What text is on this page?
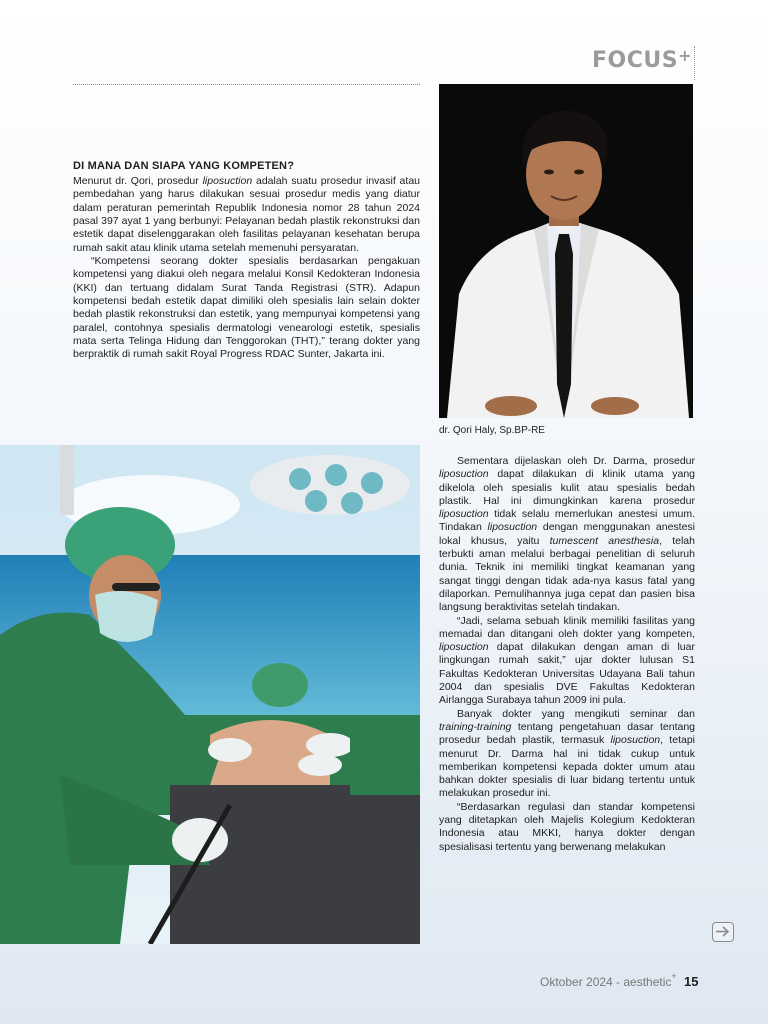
FOCUS+
dr. Qori Haly, Sp.BP-RE
DI MANA DAN SIAPA YANG KOMPETEN?

Menurut dr. Qori, prosedur liposuction adalah suatu prosedur invasif atau pembedahan yang harus dilakukan sesuai prosedur medis yang diatur dalam peraturan pemerintah Republik Indonesia nomor 28 tahun 2024 pasal 397 ayat 1 yang berbunyi: Pelayanan bedah plastik rekonstruksi dan estetik dapat diselenggarakan oleh fasilitas pelayanan kesehatan berupa rumah sakit atau klinik utama setelah memenuhi persyaratan.

“Kompetensi seorang dokter spesialis berdasarkan pengakuan kompetensi yang diakui oleh negara melalui Konsil Kedokteran Indonesia (KKI) dan tertuang didalam Surat Tanda Registrasi (STR). Adapun kompetensi bedah estetik dapat dimiliki oleh spesialis lain selain dokter bedah plastik rekonstruksi dan estetik, yang mempunyai kompetensi yang paralel, contohnya spesialis dermatologi venearologi estetik, spesialis mata serta Telinga Hidung dan Tenggorokan (THT),” terang dokter yang berpraktik di rumah sakit Royal Progress RDAC Sunter, Jakarta ini.

Sementara dijelaskan oleh Dr. Darma, prosedur liposuction dapat dilakukan di klinik utama yang dikelola oleh spesialis kulit atau spesialis bedah plastik. Hal ini dimungkinkan karena prosedur liposuction tidak selalu memerlukan anestesi umum. Tindakan liposuction dengan menggunakan anestesi lokal khusus, yaitu tumescent anesthesia, telah terbukti aman melalui berbagai penelitian di seluruh dunia. Teknik ini memiliki tingkat keamanan yang sangat tinggi dengan tidak ada-nya kasus fatal yang dilaporkan. Pemulihannya juga cepat dan pasien bisa langsung beraktivitas setelah tindakan.

“Jadi, selama sebuah klinik memiliki fasilitas yang memadai dan ditangani oleh dokter yang kompeten, liposuction dapat dilakukan dengan aman di luar lingkungan rumah sakit,” ujar dokter lulusan S1 Fakultas Kedokteran Universitas Udayana Bali tahun 2004 dan spesialis DVE Fakultas Kedokteran Airlangga Surabaya tahun 2009 ini pula.

Banyak dokter yang mengikuti seminar dan training-training tentang pengetahuan dasar tentang prosedur bedah plastik, termasuk liposuction, tetapi menurut Dr. Darma hal ini tidak cukup untuk memberikan kompetensi kepada dokter umum atau bahkan dokter spesialis di luar bidang tertentu untuk melakukan prosedur ini.

“Berdasarkan regulasi dan standar kompetensi yang ditetapkan oleh Majelis Kolegium Kedokteran Indonesia atau MKKI, hanya dokter dengan spesialisasi tertentu yang berwenang melakukan

Oktober 2024 - aesthetic+ 15
